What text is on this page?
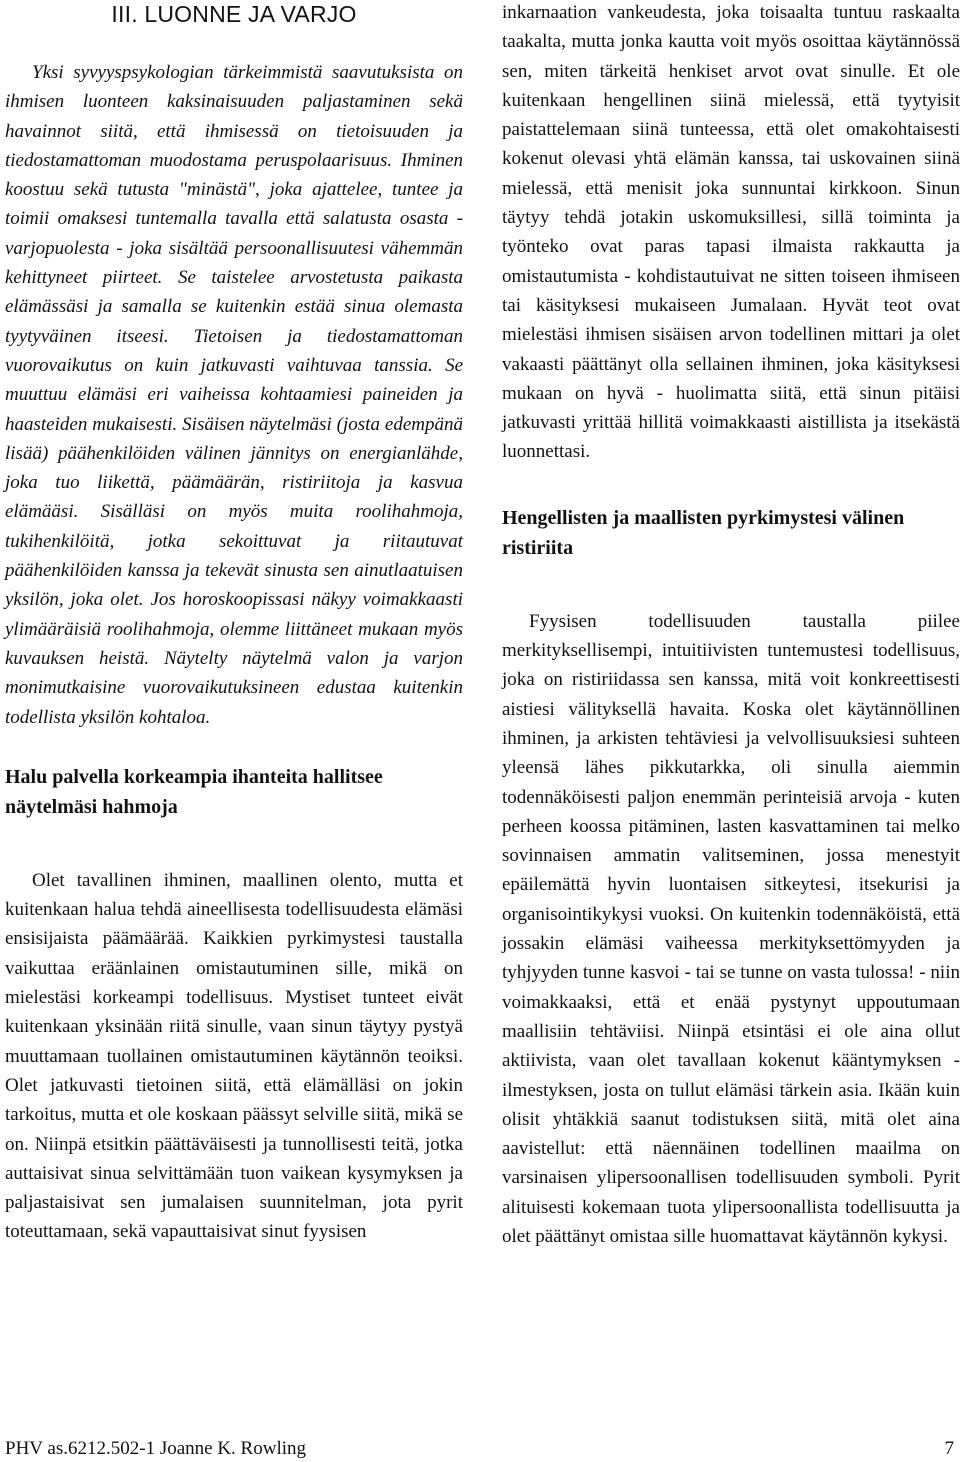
III. LUONNE JA VARJO

Yksi syvyyspsykologian tärkeimmistä saavutuksista on ihmisen luonteen kaksinaisuuden paljastaminen sekä havainnot siitä, että ihmisessä on tietoisuuden ja tiedostamattoman muodostama peruspolaarisuus. Ihminen koostuu sekä tutusta "minästä", joka ajattelee, tuntee ja toimii omaksesi tuntemalla tavalla että salatusta osasta - varjopuolesta - joka sisältää persoonallisuutesi vähemmän kehittyneet piirteet. Se taistelee arvostetusta paikasta elämässäsi ja samalla se kuitenkin estää sinua olemasta tyytyväinen itseesi. Tietoisen ja tiedostamattoman vuorovaikutus on kuin jatkuvasti vaihtuvaa tanssia. Se muuttuu elämäsi eri vaiheissa kohtaamiesi paineiden ja haasteiden mukaisesti. Sisäisen näytelmäsi (josta edempänä lisää) päähenkilöiden välinen jännitys on energianlähde, joka tuo liikettä, päämäärän, ristiriitoja ja kasvua elämääsi. Sisälläsi on myös muita roolihahmoja, tukihenkilöitä, jotka sekoittuvat ja riitautuvat päähenkilöiden kanssa ja tekevät sinusta sen ainutlaatuisen yksilön, joka olet. Jos horoskoopissasi näkyy voimakkaasti ylimääräisiä roolihahmoja, olemme liittäneet mukaan myös kuvauksen heistä. Näytelty näytelmä valon ja varjon monimutkaisine vuorovaikutuksineen edustaa kuitenkin todellista yksilön kohtaloa.

Halu palvella korkeampia ihanteita hallitsee näytelmäsi hahmoja

Olet tavallinen ihminen, maallinen olento, mutta et kuitenkaan halua tehdä aineellisesta todellisuudesta elämäsi ensisijaista päämäärää. Kaikkien pyrkimystesi taustalla vaikuttaa eräänlainen omistautuminen sille, mikä on mielestäsi korkeampi todellisuus. Mystiset tunteet eivät kuitenkaan yksinään riitä sinulle, vaan sinun täytyy pystyä muuttamaan tuollainen omistautuminen käytännön teoiksi. Olet jatkuvasti tietoinen siitä, että elämälläsi on jokin tarkoitus, mutta et ole koskaan päässyt selville siitä, mikä se on. Niinpä etsitkin päättäväisesti ja tunnollisesti teitä, jotka auttaisivat sinua selvittämään tuon vaikean kysymyksen ja paljastaisivat sen jumalaisen suunnitelman, jota pyrit toteuttamaan, sekä vapauttaisivat sinut fyysisen

inkarnaation vankeudesta, joka toisaalta tuntuu raskaalta taakalta, mutta jonka kautta voit myös osoittaa käytännössä sen, miten tärkeitä henkiset arvot ovat sinulle. Et ole kuitenkaan hengellinen siinä mielessä, että tyytyisit paistattelemaan siinä tunteessa, että olet omakohtaisesti kokenut olevasi yhtä elämän kanssa, tai uskovainen siinä mielessä, että menisit joka sunnuntai kirkkoon. Sinun täytyy tehdä jotakin uskomuksillesi, sillä toiminta ja työnteko ovat paras tapasi ilmaista rakkautta ja omistautumista - kohdistautuivat ne sitten toiseen ihmiseen tai käsityksesi mukaiseen Jumalaan. Hyvät teot ovat mielestäsi ihmisen sisäisen arvon todellinen mittari ja olet vakaasti päättänyt olla sellainen ihminen, joka käsityksesi mukaan on hyvä - huolimatta siitä, että sinun pitäisi jatkuvasti yrittää hillitä voimakkaasti aistillista ja itsekästä luonnettasi.

Hengellisten ja maallisten pyrkimystesi välinen ristiriita

Fyysisen todellisuuden taustalla piilee merkityksellisempi, intuitiivisten tuntemustesi todellisuus, joka on ristiriidassa sen kanssa, mitä voit konkreettisesti aistiesi välityksellä havaita. Koska olet käytännöllinen ihminen, ja arkisten tehtäviesi ja velvollisuuksiesi suhteen yleensä lähes pikkutarkka, oli sinulla aiemmin todennäköisesti paljon enemmän perinteisiä arvoja - kuten perheen koossa pitäminen, lasten kasvattaminen tai melko sovinnaisen ammatin valitseminen, jossa menestyit epäilemättä hyvin luontaisen sitkeytesi, itsekurisi ja organisointikykysi vuoksi. On kuitenkin todennäköistä, että jossakin elämäsi vaiheessa merkityksettömyyden ja tyhjyyden tunne kasvoi - tai se tunne on vasta tulossa! - niin voimakkaaksi, että et enää pystynyt uppoutumaan maallisiin tehtäviisi. Niinpä etsintäsi ei ole aina ollut aktiivista, vaan olet tavallaan kokenut kääntymyksen - ilmestyksen, josta on tullut elämäsi tärkein asia. Ikään kuin olisit yhtäkkiä saanut todistuksen siitä, mitä olet aina aavistellut: että näennäinen todellinen maailma on varsinaisen ylipersoonallisen todellisuuden symboli. Pyrit alituisesti kokemaan tuota ylipersoonallista todellisuutta ja olet päättänyt omistaa sille huomattavat käytännön kykysi.

PHV as.6212.502-1 Joanne K. Rowling	7
